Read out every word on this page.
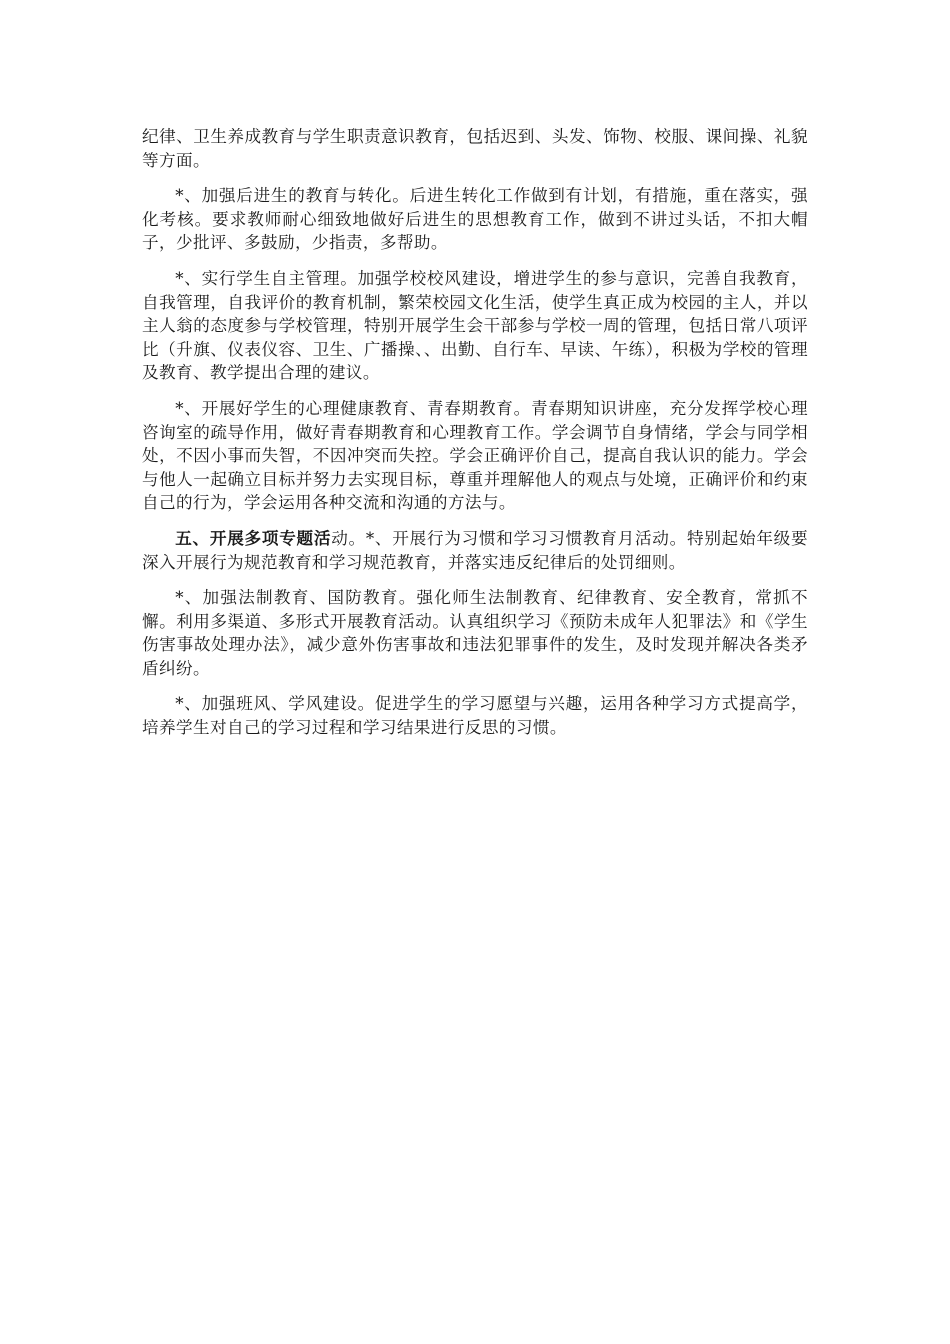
纪律、卫生养成教育与学生职责意识教育，包括迟到、头发、饰物、校服、课间操、礼貌等方面。

*、加强后进生的教育与转化。后进生转化工作做到有计划，有措施，重在落实，强化考核。要求教师耐心细致地做好后进生的思想教育工作，做到不讲过头话，不扣大帽子，少批评、多鼓励，少指责，多帮助。

*、实行学生自主管理。加强学校校风建设，增进学生的参与意识，完善自我教育，自我管理，自我评价的教育机制，繁荣校园文化生活，使学生真正成为校园的主人，并以主人翁的态度参与学校管理，特别开展学生会干部参与学校一周的管理，包括日常八项评比（升旗、仪表仪容、卫生、广播操、、出勤、自行车、早读、午练），积极为学校的管理及教育、教学提出合理的建议。

*、开展好学生的心理健康教育、青春期教育。青春期知识讲座，充分发挥学校心理咨询室的疏导作用，做好青春期教育和心理教育工作。学会调节自身情绪，学会与同学相处，不因小事而失智，不因冲突而失控。学会正确评价自己，提高自我认识的能力。学会与他人一起确立目标并努力去实现目标，尊重并理解他人的观点与处境，正确评价和约束自己的行为，学会运用各种交流和沟通的方法与。

五、开展多项专题活动。*、开展行为习惯和学习习惯教育月活动。特别起始年级要深入开展行为规范教育和学习规范教育，并落实违反纪律后的处罚细则。

*、加强法制教育、国防教育。强化师生法制教育、纪律教育、安全教育，常抓不懈。利用多渠道、多形式开展教育活动。认真组织学习《预防未成年人犯罪法》和《学生伤害事故处理办法》，减少意外伤害事故和违法犯罪事件的发生，及时发现并解决各类矛盾纠纷。

*、加强班风、学风建设。促进学生的学习愿望与兴趣，运用各种学习方式提高学，培养学生对自己的学习过程和学习结果进行反思的习惯。
